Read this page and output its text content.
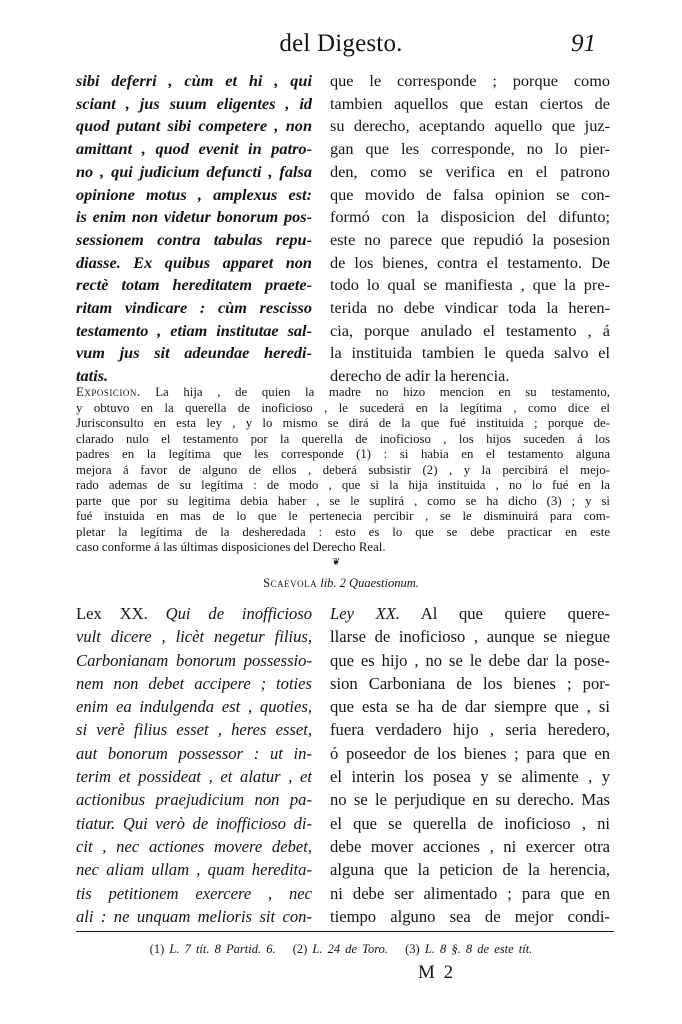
del Digesto.	91
sibi deferri , cùm et hi , qui
sciant , jus suum eligentes , id
quod putant sibi competere , non
amittant , quod evenit in patro-
no , qui judicium defuncti , falsa
opinione motus , amplexus est:
is enim non videtur bonorum pos-
sessionem contra tabulas repu-
diasse. Ex quibus apparet non
rectè totam hereditatem praete-
ritam vindicare : cùm rescisso
testamento , etiam institutae sal-
vum jus sit adeundae heredi-
tatis.
que le corresponde ; porque como
tambien aquellos que estan ciertos de
su derecho, aceptando aquello que juz-
gan que les corresponde, no lo pier-
den, como se verifica en el patrono
que movido de falsa opinion se con-
formó con la disposicion del difunto;
este no parece que repudió la posesion
de los bienes, contra el testamento. De
todo lo qual se manifiesta , que la pre-
terida no debe vindicar toda la heren-
cia, porque anulado el testamento , á
la instituida tambien le queda salvo el
derecho de adir la herencia.
Exposicion. La hija , de quien la madre no hizo mencion en su testamento,
y obtuvo en la querella de inoficioso , le sucederá en la legítima , como dice el
Jurisconsulto en esta ley , y lo mismo se dirá de la que fué instituida ; porque de-
clarado nulo el testamento por la querella de inoficioso , los hijos suceden á los
padres en la legítima que les corresponde (1) : si habia en el testamento alguna
mejora á favor de alguno de ellos , deberá subsistir (2) , y la percibirá el mejo-
rado ademas de su legítima : de modo , que si la hija instituida , no lo fué en la
parte que por su legitima debia haber , se le suplirá , como se ha dicho (3) ; y si
fué instuida en mas de lo que le pertenecia percibir , se le disminuirá para com-
pletar la legítima de la desheredada : esto es lo que se debe practicar en este
caso conforme á las últimas disposiciones del Derecho Real.
❦
Scaevola lib. 2 Quaestionum.
Lex XX. Qui de inofficioso
vult dicere , licèt negetur filius,
Carbonianam bonorum possessio-
nem non debet accipere ; toties
enim ea indulgenda est , quoties,
si verè filius esset , heres esset,
aut bonorum possessor : ut in-
terim et possideat , et alatur , et
actionibus praejudicium non pa-
tiatur. Qui verò de inofficioso di-
cit , nec actiones movere debet,
nec aliam ullam , quam heredita-
tis petitionem exercere , nec
ali : ne unquam melioris sit con-
Ley XX. Al que quiere quere-
llarse de inoficioso , aunque se niegue
que es hijo , no se le debe dar la pose-
sion Carboniana de los bienes ; por-
que esta se ha de dar siempre que , si
fuera verdadero hijo , seria heredero,
ó poseedor de los bienes ; para que en
el interin los posea y se alimente , y
no se le perjudique en su derecho. Mas
el que se querella de inoficioso , ni
debe mover acciones , ni exercer otra
alguna que la peticion de la herencia,
ni debe ser alimentado ; para que en
tiempo alguno sea de mejor condi-
(1) L. 7 tít. 8 Partid. 6. (2) L. 24 de Toro. (3) L. 8 §. 8 de este tít.
M 2
